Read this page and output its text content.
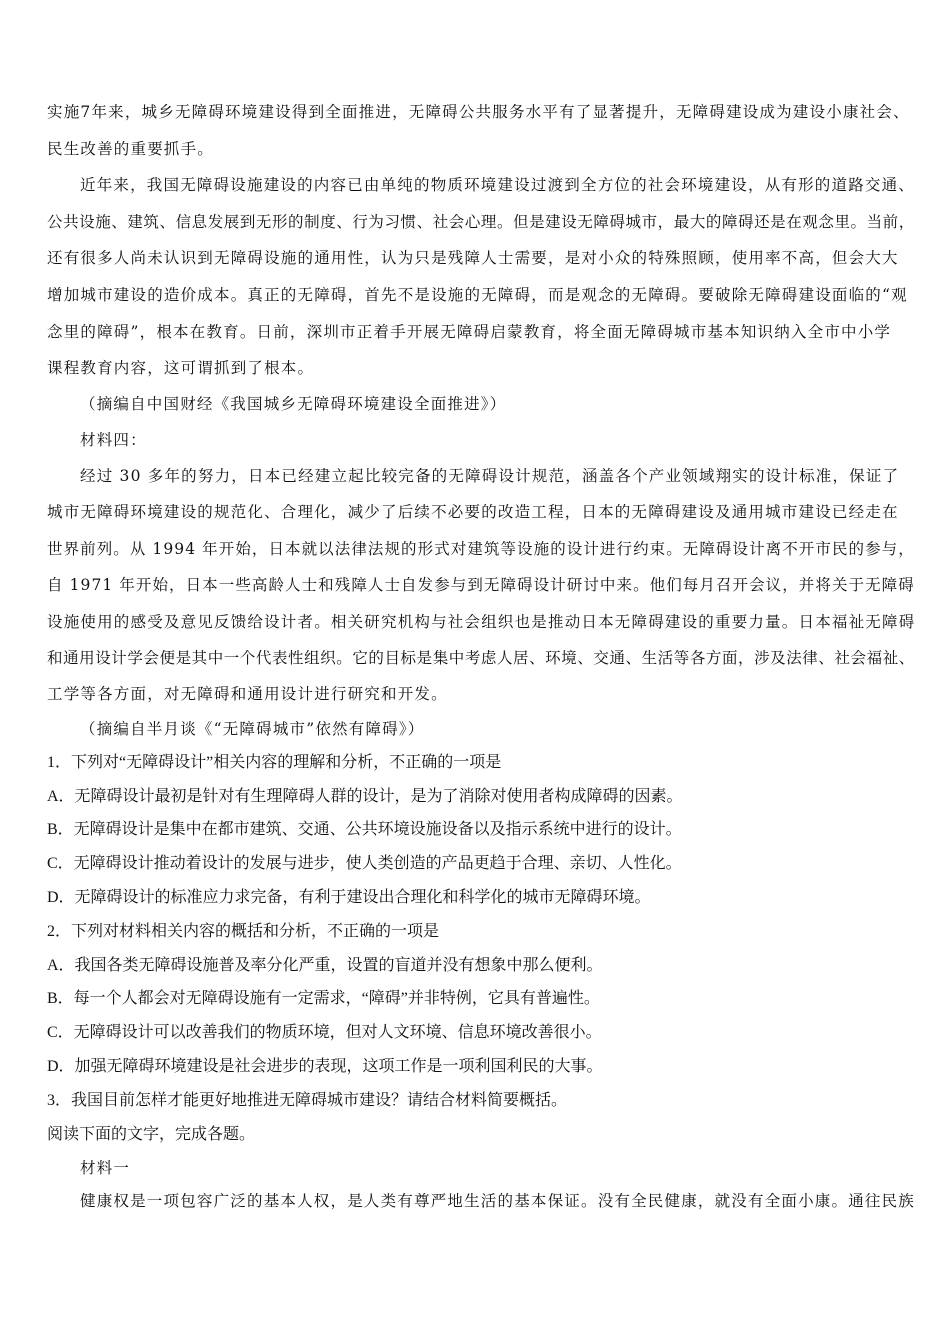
实施7年来，城乡无障碍环境建设得到全面推进，无障碍公共服务水平有了显著提升，无障碍建设成为建设小康社会、
民生改善的重要抓手。
近年来，我国无障碍设施建设的内容已由单纯的物质环境建设过渡到全方位的社会环境建设，从有形的道路交通、
公共设施、建筑、信息发展到无形的制度、行为习惯、社会心理。但是建设无障碍城市，最大的障碍还是在观念里。当前，
还有很多人尚未认识到无障碍设施的通用性，认为只是残障人士需要，是对小众的特殊照顾，使用率不高，但会大大
增加城市建设的造价成本。真正的无障碍，首先不是设施的无障碍，而是观念的无障碍。要破除无障碍建设面临的“观
念里的障碍”，根本在教育。日前，深圳市正着手开展无障碍启蒙教育，将全面无障碍城市基本知识纳入全市中小学
课程教育内容，这可谓抓到了根本。
（摘编自中国财经《我国城乡无障碍环境建设全面推进》）
材料四：
经过 30 多年的努力，日本已经建立起比较完备的无障碍设计规范，涵盖各个产业领域翔实的设计标准，保证了
城市无障碍环境建设的规范化、合理化，减少了后续不必要的改造工程，日本的无障碍建设及通用城市建设已经走在
世界前列。从 1994 年开始，日本就以法律法规的形式对建筑等设施的设计进行约束。无障碍设计离不开市民的参与，
自 1971 年开始，日本一些高龄人士和残障人士自发参与到无障碍设计研讨中来。他们每月召开会议，并将关于无障碍
设施使用的感受及意见反馈给设计者。相关研究机构与社会组织也是推动日本无障碍建设的重要力量。日本福祉无障碍
和通用设计学会便是其中一个代表性组织。它的目标是集中考虑人居、环境、交通、生活等各方面，涉及法律、社会福祉、
工学等各方面，对无障碍和通用设计进行研究和开发。
（摘编自半月谈《“无障碍城市”依然有障碍》）
1．下列对“无障碍设计”相关内容的理解和分析，不正确的一项是
A．无障碍设计最初是针对有生理障碍人群的设计，是为了消除对使用者构成障碍的因素。
B．无障碍设计是集中在都市建筑、交通、公共环境设施设备以及指示系统中进行的设计。
C．无障碍设计推动着设计的发展与进步，使人类创造的产品更趋于合理、亲切、人性化。
D．无障碍设计的标准应力求完备，有利于建设出合理化和科学化的城市无障碍环境。
2．下列对材料相关内容的概括和分析，不正确的一项是
A．我国各类无障碍设施普及率分化严重，设置的盲道并没有想象中那么便利。
B．每一个人都会对无障碍设施有一定需求，“障碍”并非特例，它具有普遍性。
C．无障碍设计可以改善我们的物质环境，但对人文环境、信息环境改善很小。
D．加强无障碍环境建设是社会进步的表现，这项工作是一项利国利民的大事。
3．我国目前怎样才能更好地推进无障碍城市建设？请结合材料简要概括。
阅读下面的文字，完成各题。
材料一
健康权是一项包容广泛的基本人权，是人类有尊严地生活的基本保证。没有全民健康，就没有全面小康。通往民族
